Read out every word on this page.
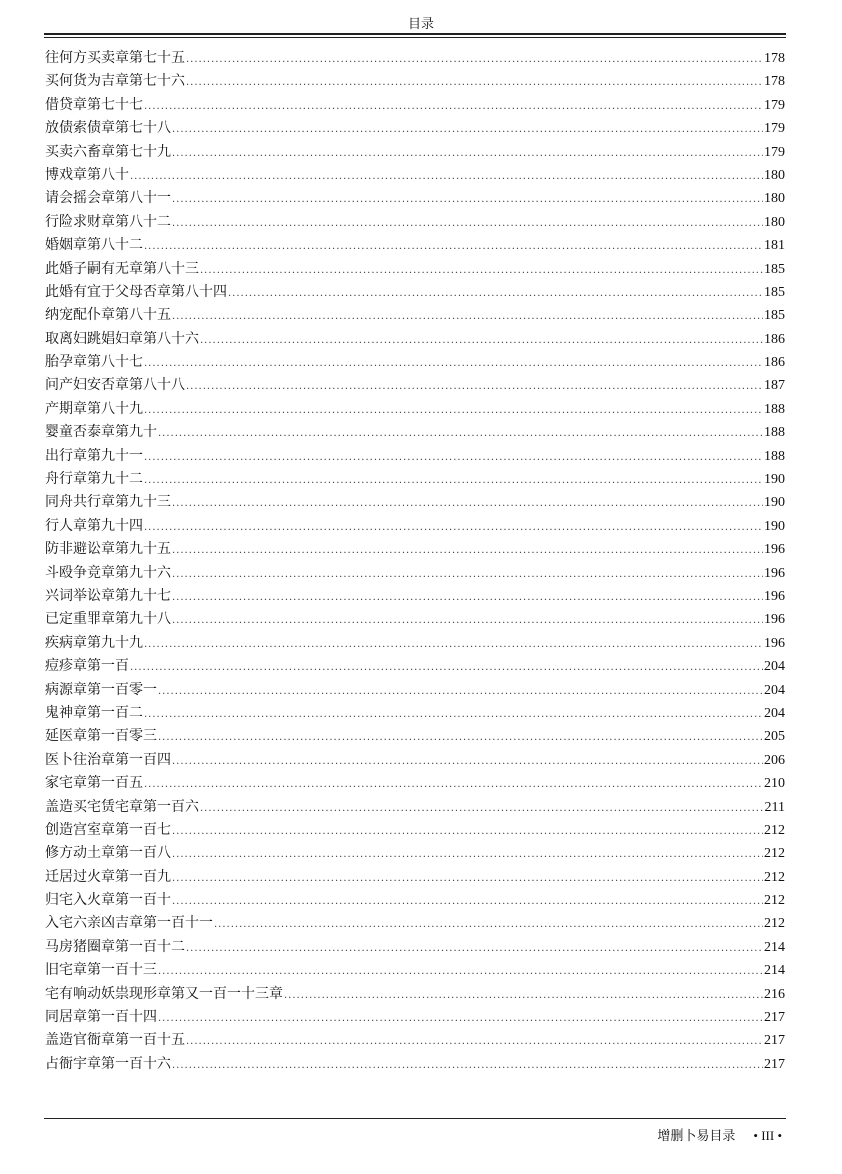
目录
往何方买卖章第七十五 .....	178
买何货为吉章第七十六 .....	178
借贷章第七十七 .....	179
放债索债章第七十八 .....	179
买卖六畜章第七十九 .....	179
博戏章第八十 .....	180
请会摇会章第八十一 .....	180
行险求财章第八十二 .....	180
婚姻章第八十二 .....	181
此婚子嗣有无章第八十三 .....	185
此婚有宜于父母否章第八十四 .....	185
纳宠配仆章第八十五 .....	185
取离妇跳娼妇章第八十六 .....	186
胎孕章第八十七 .....	186
问产妇安否章第八十八 .....	187
产期章第八十九 .....	188
婴童否泰章第九十 .....	188
出行章第九十一 .....	188
舟行章第九十二 .....	190
同舟共行章第九十三 .....	190
行人章第九十四 .....	190
防非避讼章第九十五 .....	196
斗殴争竞章第九十六 .....	196
兴词举讼章第九十七 .....	196
已定重罪章第九十八 .....	196
疾病章第九十九 .....	196
痘疹章第一百 .....	204
病源章第一百零一 .....	204
鬼神章第一百二 .....	204
延医章第一百零三 .....	205
医卜往治章第一百四 .....	206
家宅章第一百五 .....	210
盖造买宅赁宅章第一百六 .....	211
创造宫室章第一百七 .....	212
修方动土章第一百八 .....	212
迁居过火章第一百九 .....	212
归宅入火章第一百十 .....	212
入宅六亲凶吉章第一百十一 .....	212
马房猪圈章第一百十二 .....	214
旧宅章第一百十三 .....	214
宅有响动妖祟现形章第又一百一十三章 .....	216
同居章第一百十四 .....	217
盖造官衙章第一百十五 .....	217
占衙宇章第一百十六 .....	217
增删卜易目录 • III •
